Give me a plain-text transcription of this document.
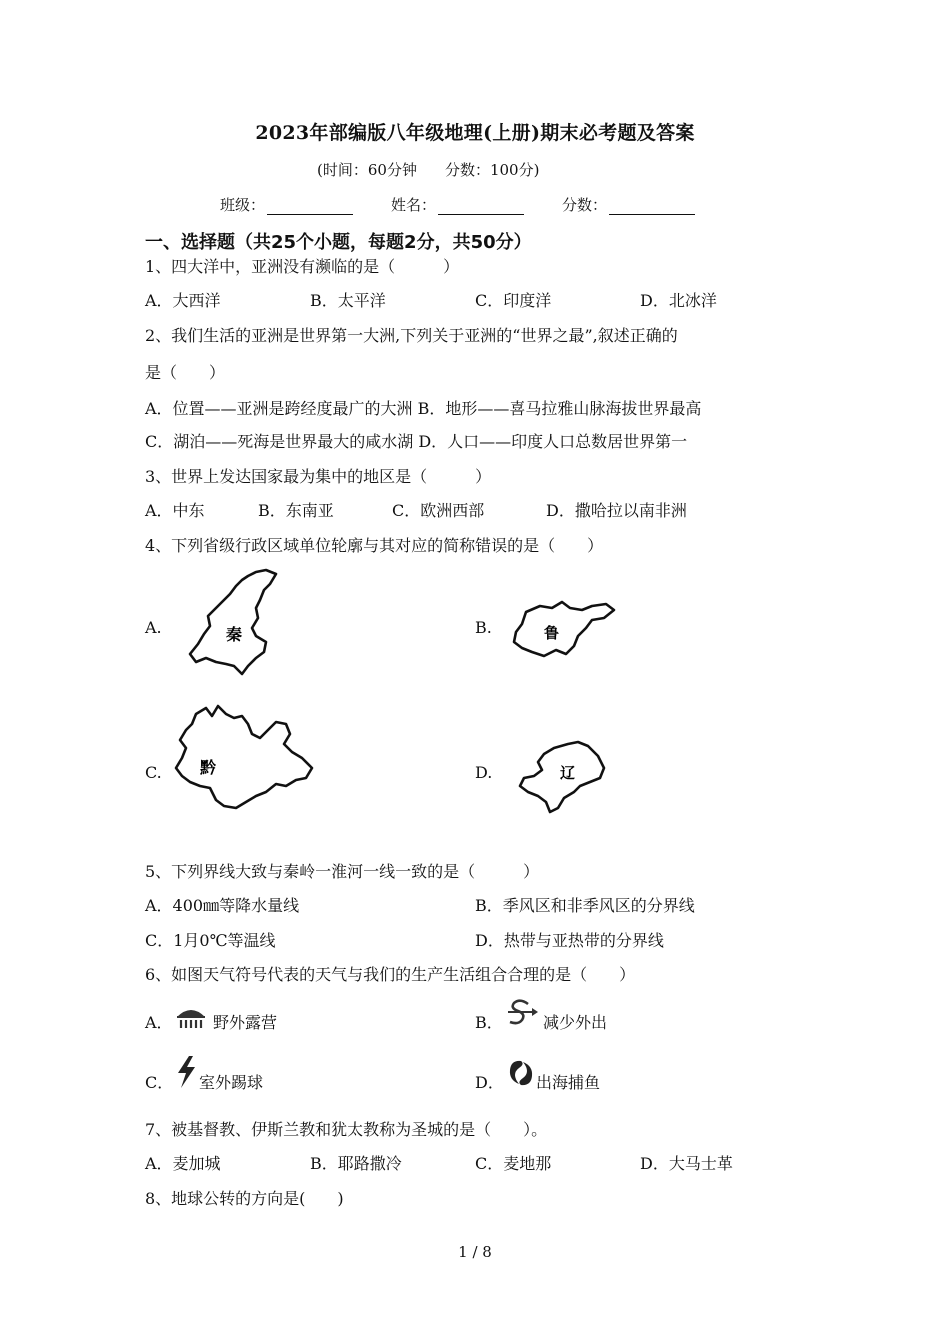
2023年部编版八年级地理(上册)期末必考题及答案
(时间：60分钟 分数：100分)
班级：	姓名：	分数：
一、选择题（共25个小题，每题2分，共50分）
1、四大洋中，亚洲没有濒临的是（　　　）
A．大西洋	B．太平洋	C．印度洋	D．北冰洋
2、我们生活的亚洲是世界第一大洲,下列关于亚洲的“世界之最”,叙述正确的
是（　　）
A．位置——亚洲是跨经度最广的大洲 B．地形——喜马拉雅山脉海拔世界最高
C．湖泊——死海是世界最大的咸水湖 D．人口——印度人口总数居世界第一
3、世界上发达国家最为集中的地区是（　　　）
A．中东	B．东南亚	C．欧洲西部	D．撒哈拉以南非洲
4、下列省级行政区域单位轮廓与其对应的简称错误的是（　　）
A.	秦	B.	鲁
C. 黔	D.	辽
5、下列界线大致与秦岭一淮河一线一致的是（　　　）
A．400㎜等降水量线	B．季风区和非季风区的分界线
C．1月0℃等温线	D．热带与亚热带的分界线
6、如图天气符号代表的天气与我们的生产生活组合合理的是（　　）
A．	野外露营	B．	减少外出
C． 室外踢球	D． 出海捕鱼
7、被基督教、伊斯兰教和犹太教称为圣城的是（　　）。
A．麦加城	B．耶路撒冷	C．麦地那	D．大马士革
8、地球公转的方向是(　　)
1 / 8
